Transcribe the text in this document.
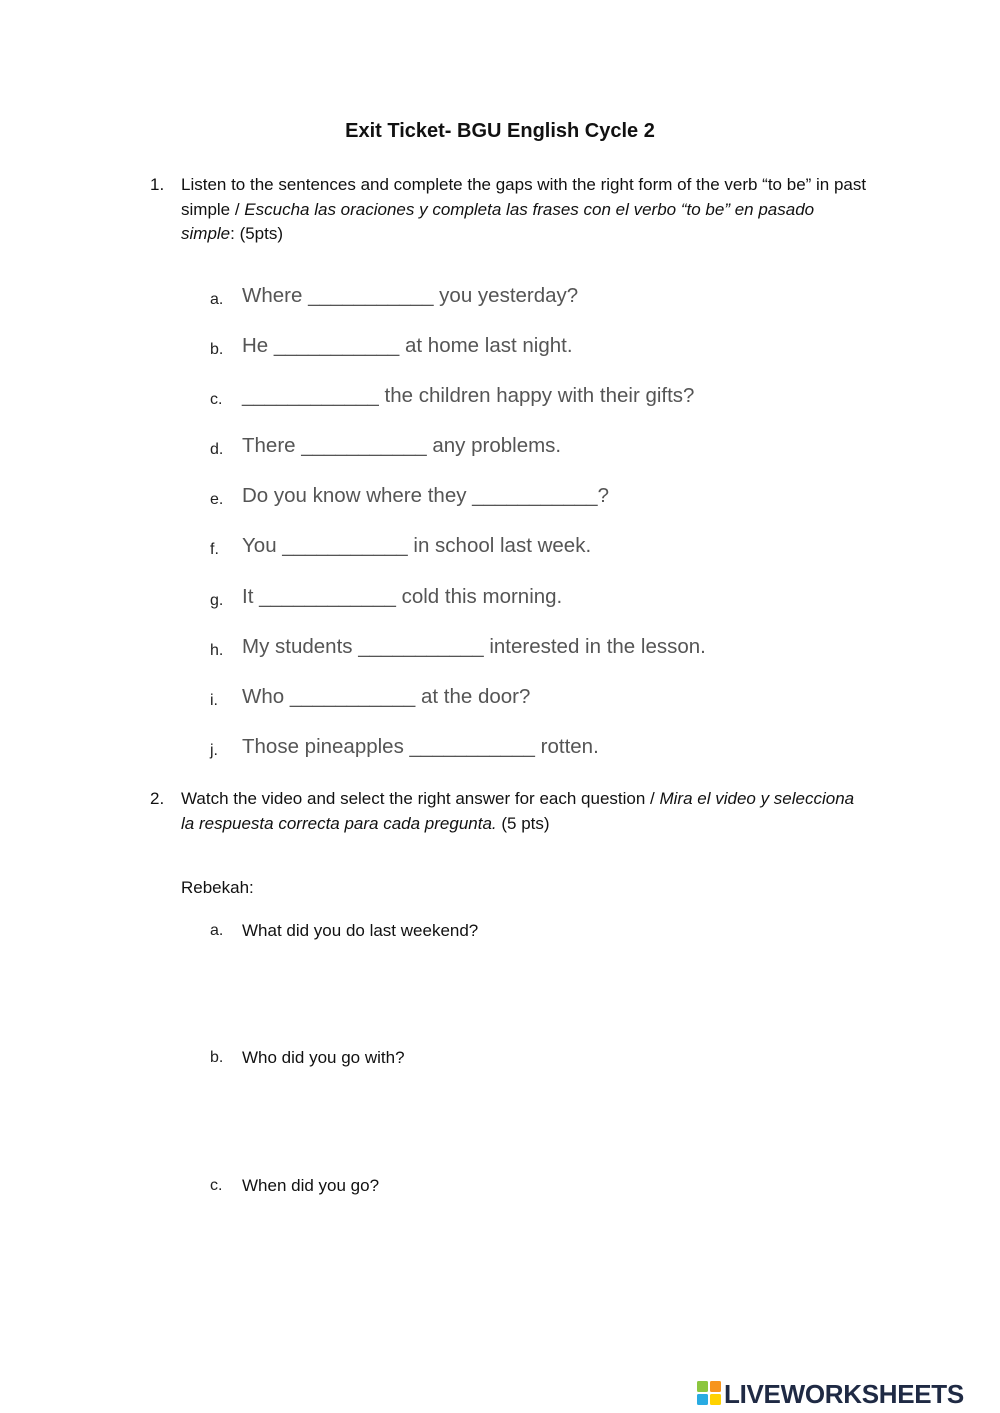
Exit Ticket- BGU English Cycle 2
1. Listen to the sentences and complete the gaps with the right form of the verb “to be” in past simple / Escucha las oraciones y completa las frases con el verbo “to be” en pasado simple: (5pts)
a. Where ___________ you yesterday?
b. He ___________ at home last night.
c. ____________ the children happy with their gifts?
d. There ___________ any problems.
e. Do you know where they ___________?
f. You ___________ in school last week.
g. It ____________ cold this morning.
h. My students ___________ interested in the lesson.
i. Who ___________ at the door?
j. Those pineapples ___________ rotten.
2. Watch the video and select the right answer for each question / Mira el video y selecciona la respuesta correcta para cada pregunta. (5 pts)
Rebekah:
a. What did you do last weekend?
b. Who did you go with?
c. When did you go?
LIVEWORKSHEETS
